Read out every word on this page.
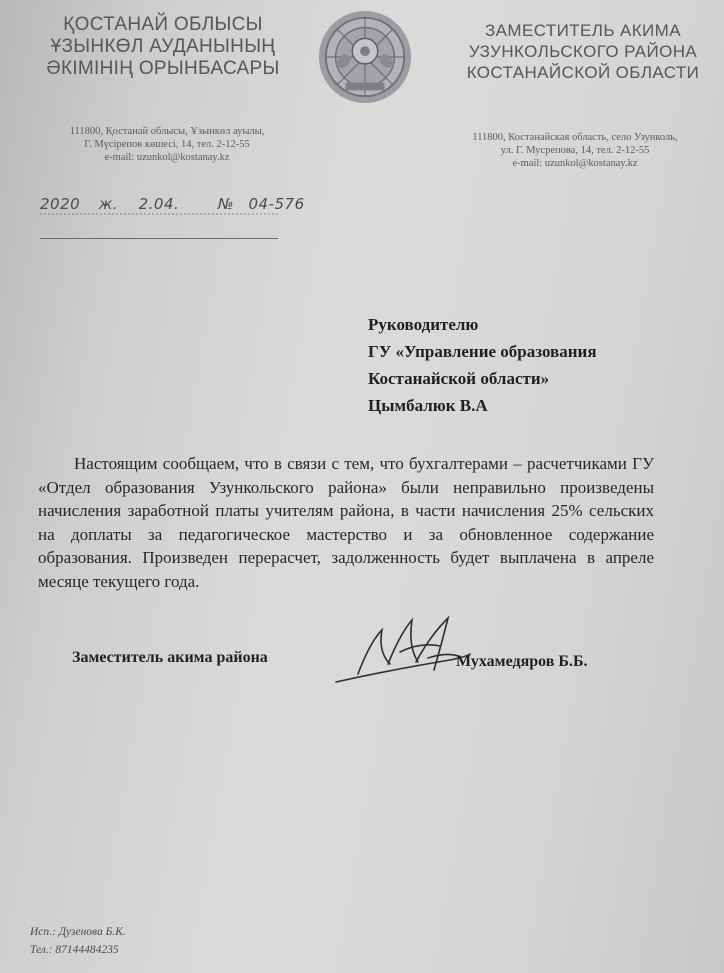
ҚОСТАНАЙ ОБЛЫСЫ
ҰЗЫНКӨЛ АУДАНЫНЫҢ
ӘКІМІНІҢ ОРЫНБАСАРЫ
ЗАМЕСТИТЕЛЬ АКИМА
УЗУНКОЛЬСКОГО РАЙОНА
КОСТАНАЙСКОЙ ОБЛАСТИ
111800, Қостанай облысы, Ұзынкөл ауылы,
Г. Мүсірепов көшесі, 14, тел. 2-12-55
e-mail: uzunkol@kostanay.kz
111800, Костанайская область, село Узунколь,
ул. Г. Мусрепова, 14, тел. 2-12-55
e-mail: uzunkol@kostanay.kz
2020 ж. 2.04.	№ 04-576
Руководителю
ГУ «Управление образования
Костанайской области»
Цымбалюк В.А
Настоящим сообщаем, что в связи с тем, что бухгалтерами – расчетчиками ГУ «Отдел образования Узункольского района» были неправильно произведены начисления заработной платы учителям района, в части начисления 25% сельских на доплаты за педагогическое мастерство и за обновленное содержание образования. Произведен перерасчет, задолженность будет выплачена в апреле месяце текущего года.
Заместитель акима района	Мухамедяров Б.Б.
Исп.: Дузенова Б.К.
Тел.: 87144484235
